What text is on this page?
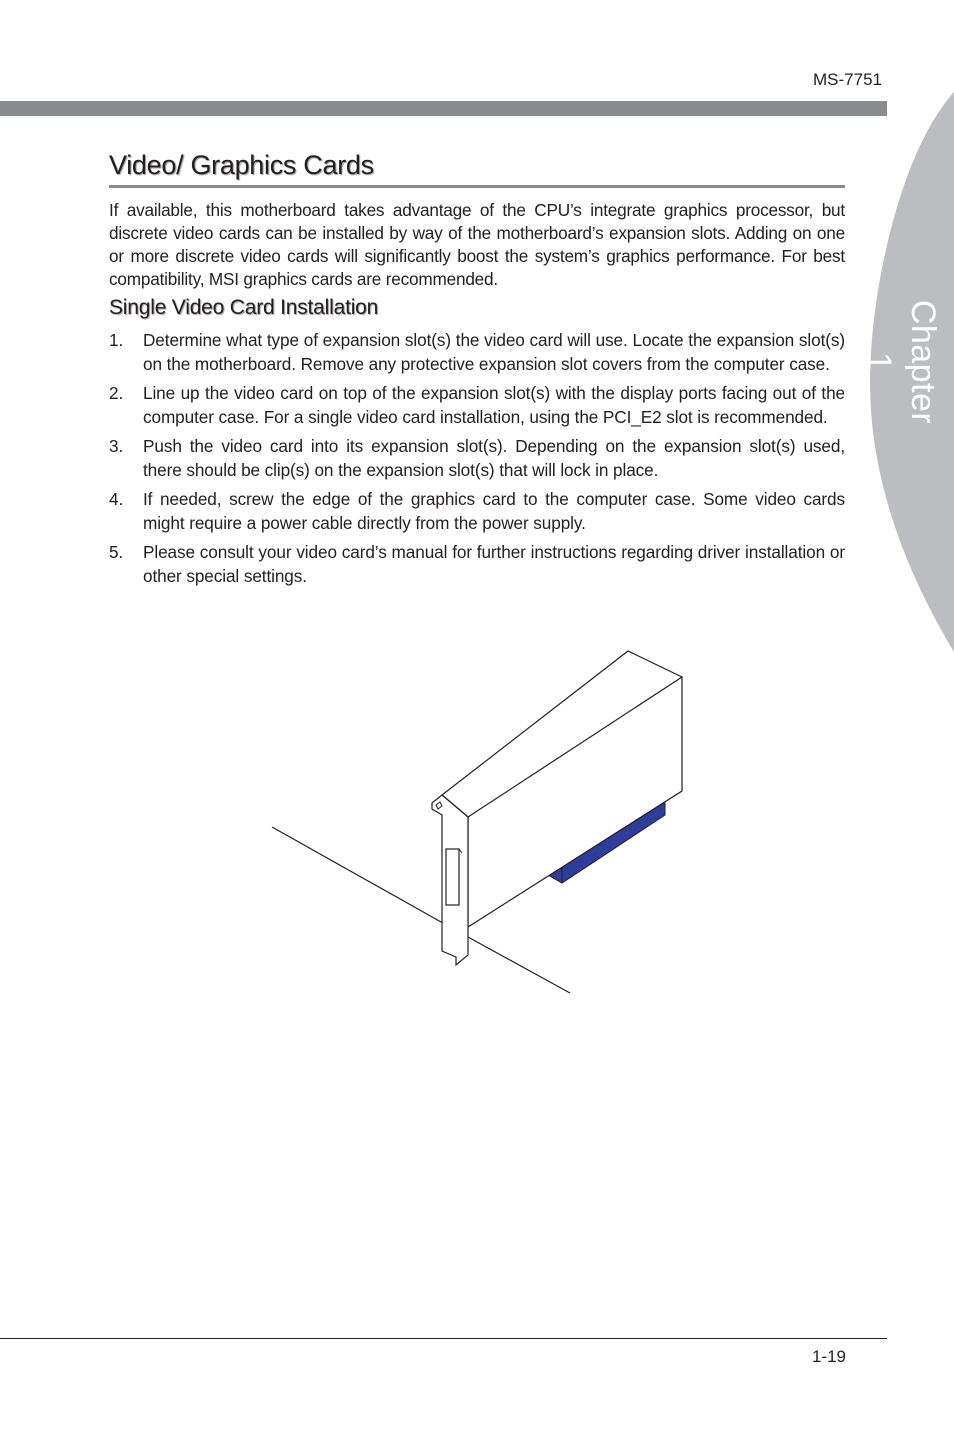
MS-7751
Chapter 1
Video/ Graphics Cards

If available, this motherboard takes advantage of the CPU’s integrate graphics processor, but discrete video cards can be installed by way of the motherboard’s expansion slots. Adding on one or more discrete video cards will significantly boost the system’s graphics performance. For best compatibility, MSI graphics cards are recommended.

Single Video Card Installation
1. Determine what type of expansion slot(s) the video card will use. Locate the expansion slot(s) on the motherboard. Remove any protective expansion slot covers from the computer case.
2. Line up the video card on top of the expansion slot(s) with the display ports facing out of the computer case. For a single video card installation, using the PCI_E2 slot is recommended.
3. Push the video card into its expansion slot(s). Depending on the expansion slot(s) used, there should be clip(s) on the expansion slot(s) that will lock in place.
4. If needed, screw the edge of the graphics card to the computer case. Some video cards might require a power cable directly from the power supply.
5. Please consult your video card’s manual for further instructions regarding driver installation or other special settings.
1-19
